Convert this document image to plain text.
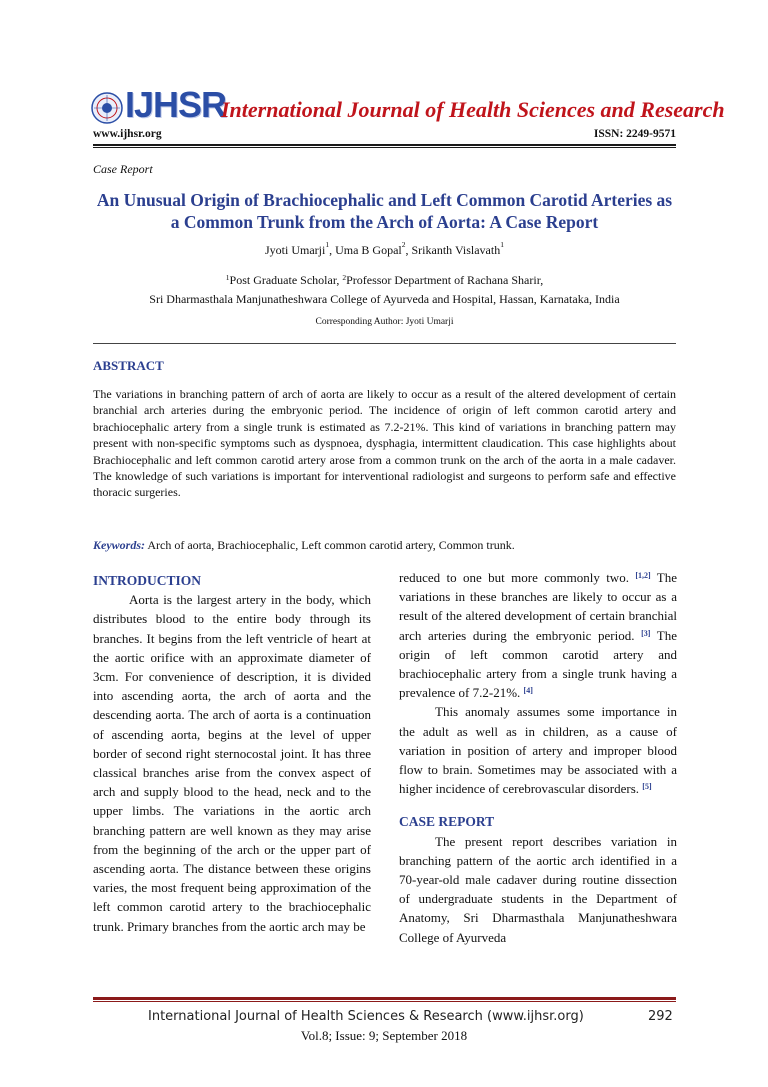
IJHSR
International Journal of Health Sciences and Research
www.ijhsr.org	ISSN: 2249-9571
Case Report
An Unusual Origin of Brachiocephalic and Left Common Carotid Arteries as a Common Trunk from the Arch of Aorta: A Case Report
Jyoti Umarji$^1$, Uma B Gopal$^2$, Srikanth Vislavath$^1$
$^1$Post Graduate Scholar, $^2$Professor Department of Rachana Sharir,
Sri Dharmasthala Manjunatheshwara College of Ayurveda and Hospital, Hassan, Karnataka, India
Corresponding Author: Jyoti Umarji
ABSTRACT

The variations in branching pattern of arch of aorta are likely to occur as a result of the altered development of certain branchial arch arteries during the embryonic period. The incidence of origin of left common carotid artery and brachiocephalic artery from a single trunk is estimated as 7.2-21%. This kind of variations in branching pattern may present with non-specific symptoms such as dyspnoea, dysphagia, intermittent claudication. This case highlights about Brachiocephalic and left common carotid artery arose from a common trunk on the arch of the aorta in a male cadaver. The knowledge of such variations is important for interventional radiologist and surgeons to perform safe and effective thoracic surgeries.

Keywords: Arch of aorta, Brachiocephalic, Left common carotid artery, Common trunk.
INTRODUCTION

Aorta is the largest artery in the body, which distributes blood to the entire body through its branches. It begins from the left ventricle of heart at the aortic orifice with an approximate diameter of 3cm. For convenience of description, it is divided into ascending aorta, the arch of aorta and the descending aorta. The arch of aorta is a continuation of ascending aorta, begins at the level of upper border of second right sternocostal joint. It has three classical branches arise from the convex aspect of arch and supply blood to the head, neck and to the upper limbs. The variations in the aortic arch branching pattern are well known as they may arise from the beginning of the arch or the upper part of ascending aorta. The distance between these origins varies, the most frequent being approximation of the left common carotid artery to the brachiocephalic trunk. Primary branches from the aortic arch may be

reduced to one but more commonly two. [1,2] The variations in these branches are likely to occur as a result of the altered development of certain branchial arch arteries during the embryonic period. [3] The origin of left common carotid artery and brachiocephalic artery from a single trunk having a prevalence of 7.2-21%. [4]

This anomaly assumes some importance in the adult as well as in children, as a cause of variation in position of artery and improper blood flow to brain. Sometimes may be associated with a higher incidence of cerebrovascular disorders. [5]

CASE REPORT

The present report describes variation in branching pattern of the aortic arch identified in a 70-year-old male cadaver during routine dissection of undergraduate students in the Department of Anatomy, Sri Dharmasthala Manjunatheshwara College of Ayurveda

International Journal of Health Sciences & Research (www.ijhsr.org)	292
Vol.8; Issue: 9; September 2018
